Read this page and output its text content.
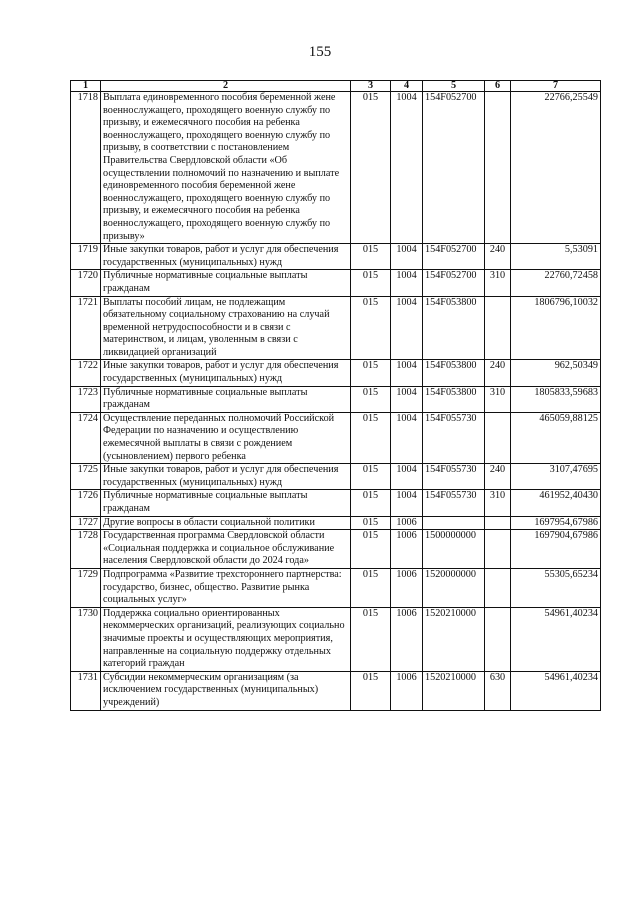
155
1	2	3	4	5	6	7
1718	Выплата единовременного пособия беременной жене военнослужащего, проходящего военную службу по призыву, и ежемесячного пособия на ребенка военнослужащего, проходящего военную службу по призыву, в соответствии с постановлением Правительства Свердловской области «Об осуществлении полномочий по назначению и выплате единовременного пособия беременной жене военнослужащего, проходящего военную службу по призыву, и ежемесячного пособия на ребенка военнослужащего, проходящего военную службу по призыву»	015	1004	154F052700		22766,25549
1719	Иные закупки товаров, работ и услуг для обеспечения государственных (муниципальных) нужд	015	1004	154F052700	240	5,53091
1720	Публичные нормативные социальные выплаты гражданам	015	1004	154F052700	310	22760,72458
1721	Выплаты пособий лицам, не подлежащим обязательному социальному страхованию на случай временной нетрудоспособности и в связи с материнством, и лицам, уволенным в связи с ликвидацией организаций	015	1004	154F053800		1806796,10032
1722	Иные закупки товаров, работ и услуг для обеспечения государственных (муниципальных) нужд	015	1004	154F053800	240	962,50349
1723	Публичные нормативные социальные выплаты гражданам	015	1004	154F053800	310	1805833,59683
1724	Осуществление переданных полномочий Российской Федерации по назначению и осуществлению ежемесячной выплаты в связи с рождением (усыновлением) первого ребенка	015	1004	154F055730		465059,88125
1725	Иные закупки товаров, работ и услуг для обеспечения государственных (муниципальных) нужд	015	1004	154F055730	240	3107,47695
1726	Публичные нормативные социальные выплаты гражданам	015	1004	154F055730	310	461952,40430
1727	Другие вопросы в области социальной политики	015	1006			1697954,67986
1728	Государственная программа Свердловской области «Социальная поддержка и социальное обслуживание населения Свердловской области до 2024 года»	015	1006	1500000000		1697904,67986
1729	Подпрограмма «Развитие трехстороннего партнерства: государство, бизнес, общество. Развитие рынка социальных услуг»	015	1006	1520000000		55305,65234
1730	Поддержка социально ориентированных некоммерческих организаций, реализующих социально значимые проекты и осуществляющих мероприятия, направленные на социальную поддержку отдельных категорий граждан	015	1006	1520210000		54961,40234
1731	Субсидии некоммерческим организациям (за исключением государственных (муниципальных) учреждений)	015	1006	1520210000	630	54961,40234
